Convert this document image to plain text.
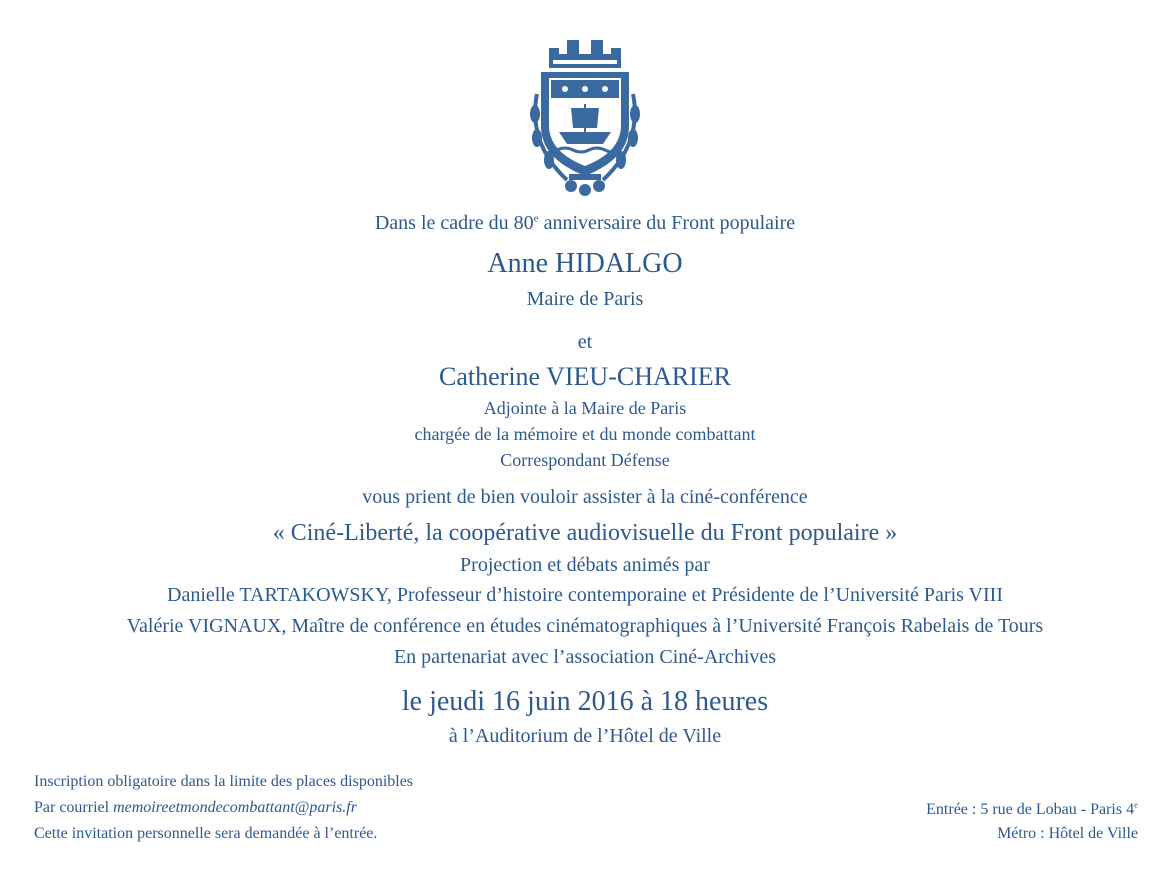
Dans le cadre du 80e anniversaire du Front populaire
Anne HIDALGO
Maire de Paris
et
Catherine VIEU-CHARIER
Adjointe à la Maire de Paris
chargée de la mémoire et du monde combattant
Correspondant Défense
vous prient de bien vouloir assister à la ciné-conférence
« Ciné-Liberté, la coopérative audiovisuelle du Front populaire »
Projection et débats animés par
Danielle TARTAKOWSKY, Professeur d’histoire contemporaine et Présidente de l’Université Paris VIII
Valérie VIGNAUX, Maître de conférence en études cinématographiques à l’Université François Rabelais de Tours
En partenariat avec l’association Ciné-Archives
le jeudi 16 juin 2016 à 18 heures
à l’Auditorium de l’Hôtel de Ville
Inscription obligatoire dans la limite des places disponibles
Par courriel memoireetmondecombattant@paris.fr
Cette invitation personnelle sera demandée à l’entrée.
Entrée : 5 rue de Lobau - Paris 4e
Métro : Hôtel de Ville
